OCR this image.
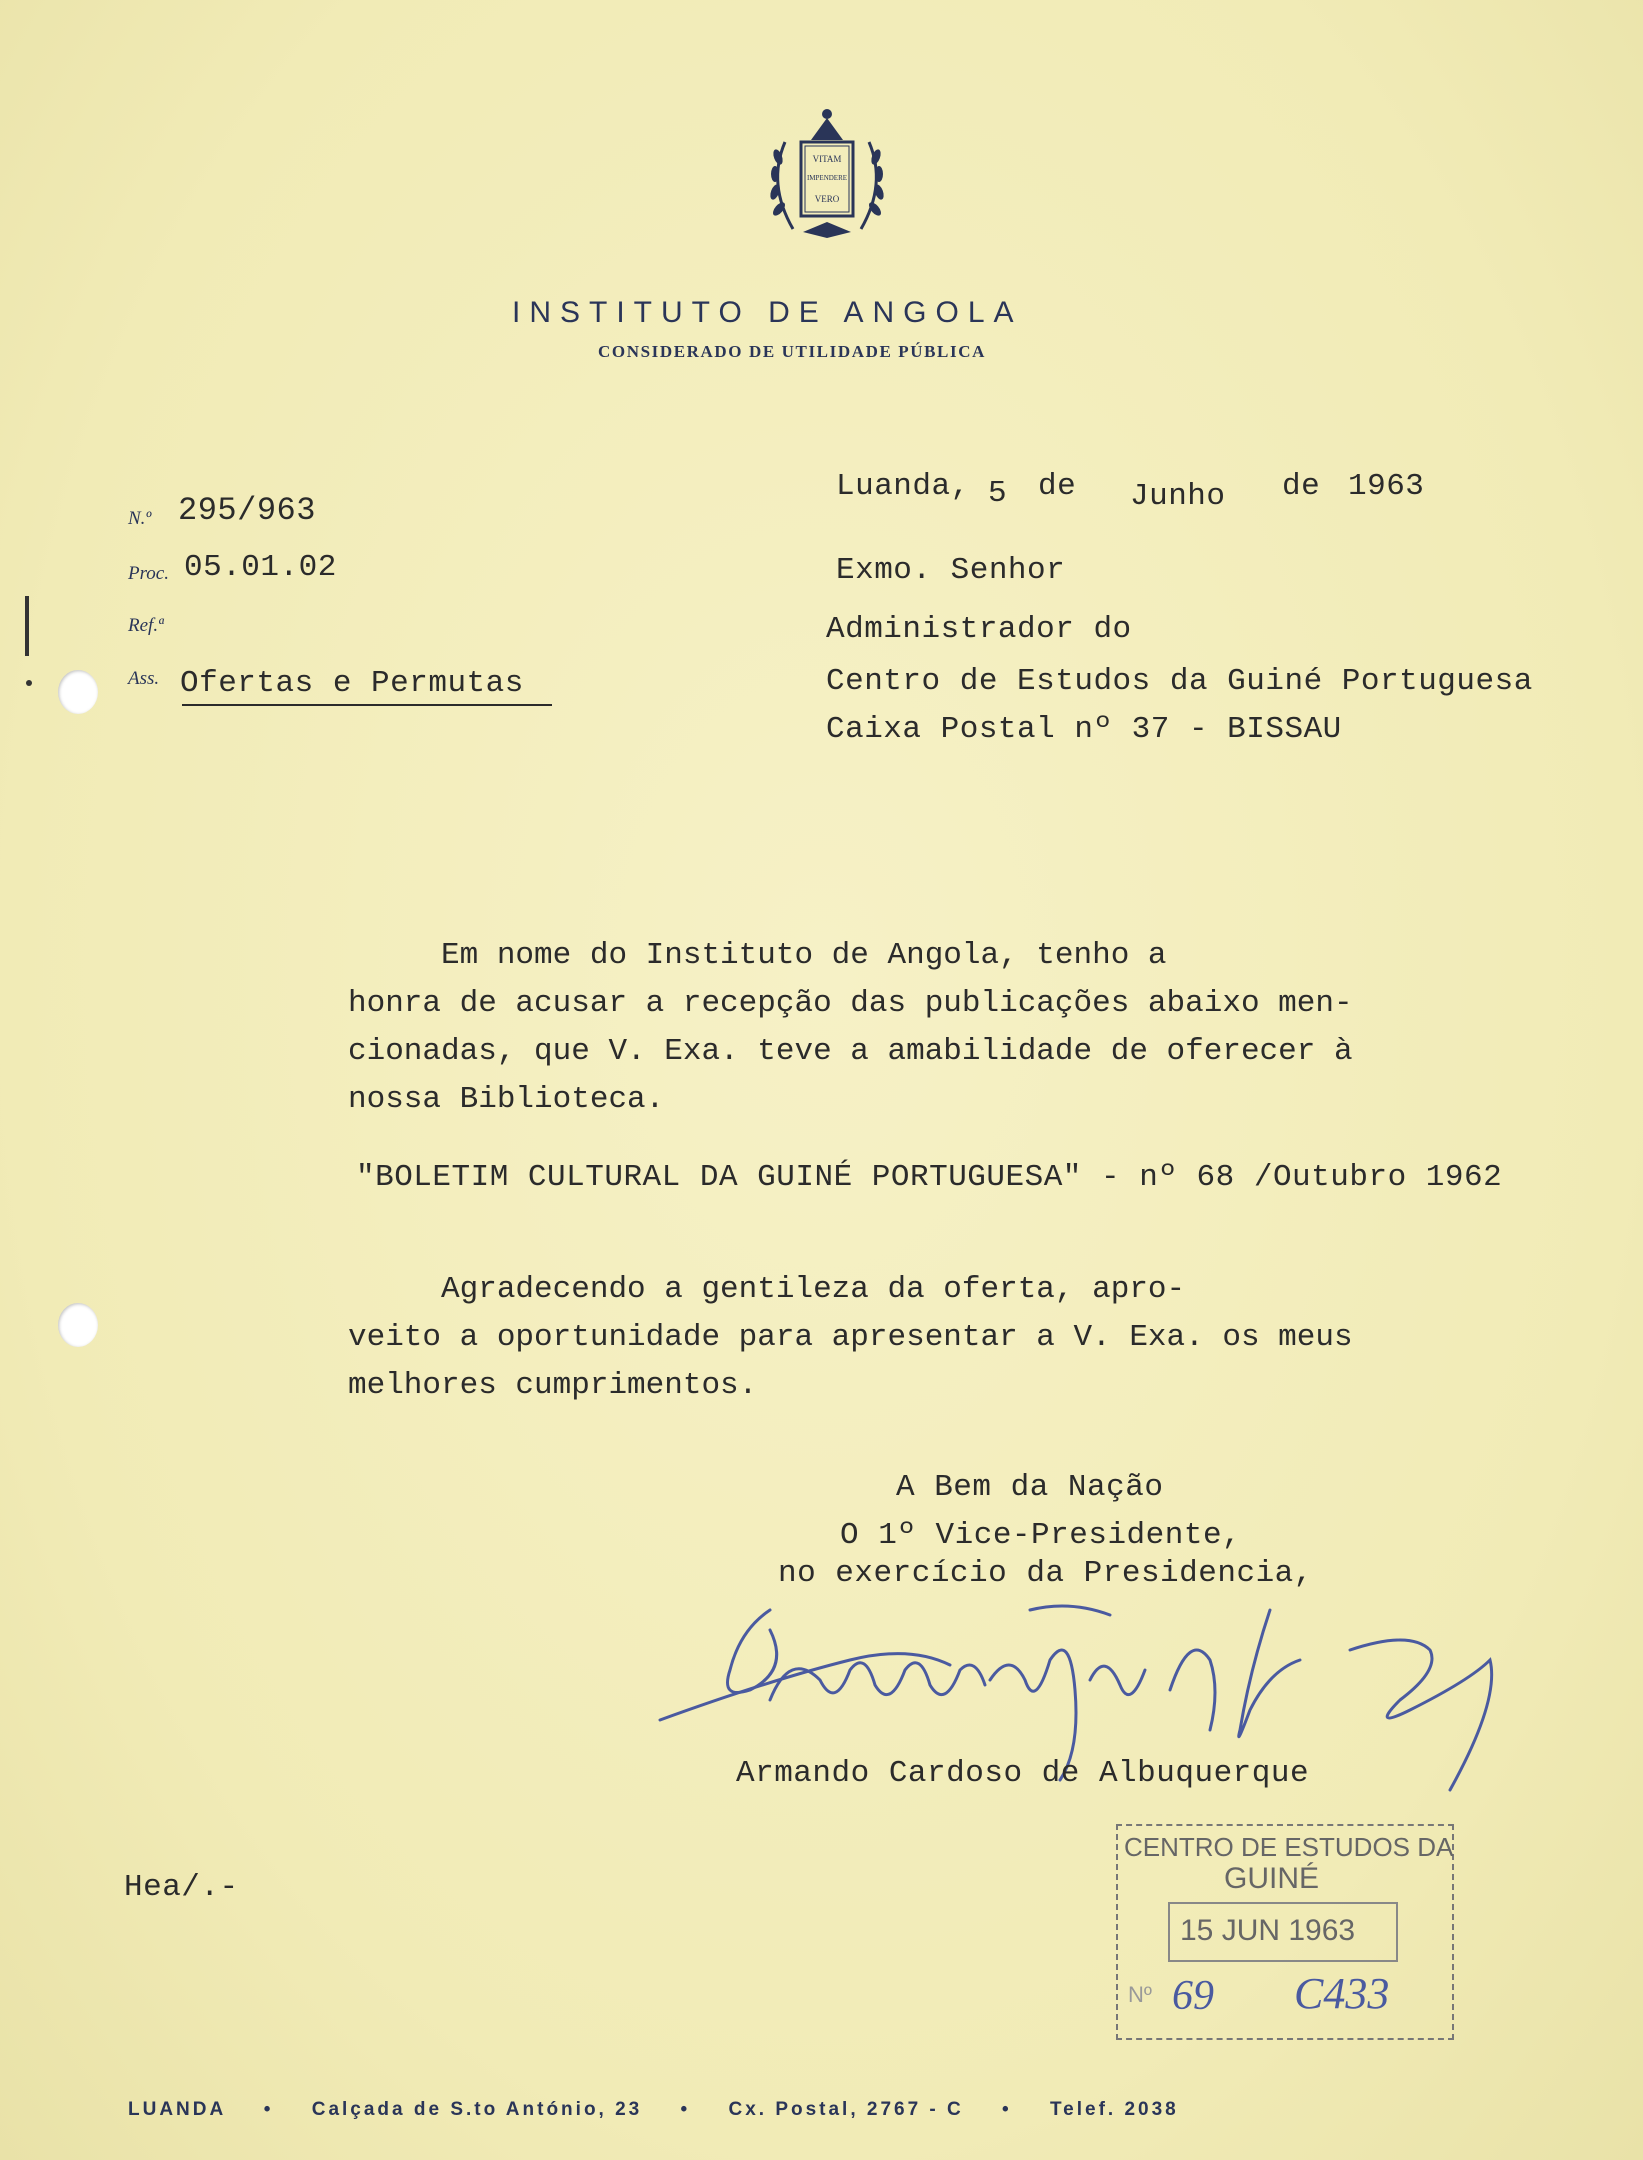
VITAM
IMPENDERE
VERO
INSTITUTO DE ANGOLA
CONSIDERADO DE UTILIDADE PÚBLICA
N.º 295/963
Proc. 05.01.02
Ref.ª
Ass. Ofertas e Permutas
Luanda, 5 de Junho de 1963
Exmo. Senhor
Administrador do
Centro de Estudos da Guiné Portuguesa
Caixa Postal nº 37 - BISSAU
Em nome do Instituto de Angola, tenho a
honra de acusar a recepção das publicações abaixo men-
cionadas, que V. Exa. teve a amabilidade de oferecer à
nossa Biblioteca.
"BOLETIM CULTURAL DA GUINÉ PORTUGUESA" - nº 68 /Outubro 1962
Agradecendo a gentileza da oferta, apro-
veito a oportunidade para apresentar a V. Exa. os meus
melhores cumprimentos.
A Bem da Nação
O 1º Vice-Presidente,
no exercício da Presidencia,
Armando Cardoso de Albuquerque
Hea/.-
CENTRO DE ESTUDOS DA
GUINÉ
15 JUN 1963
Nº 69 C433
LUANDA • Calçada de S.to António, 23 • Cx. Postal, 2767 - C • Telef. 2038
